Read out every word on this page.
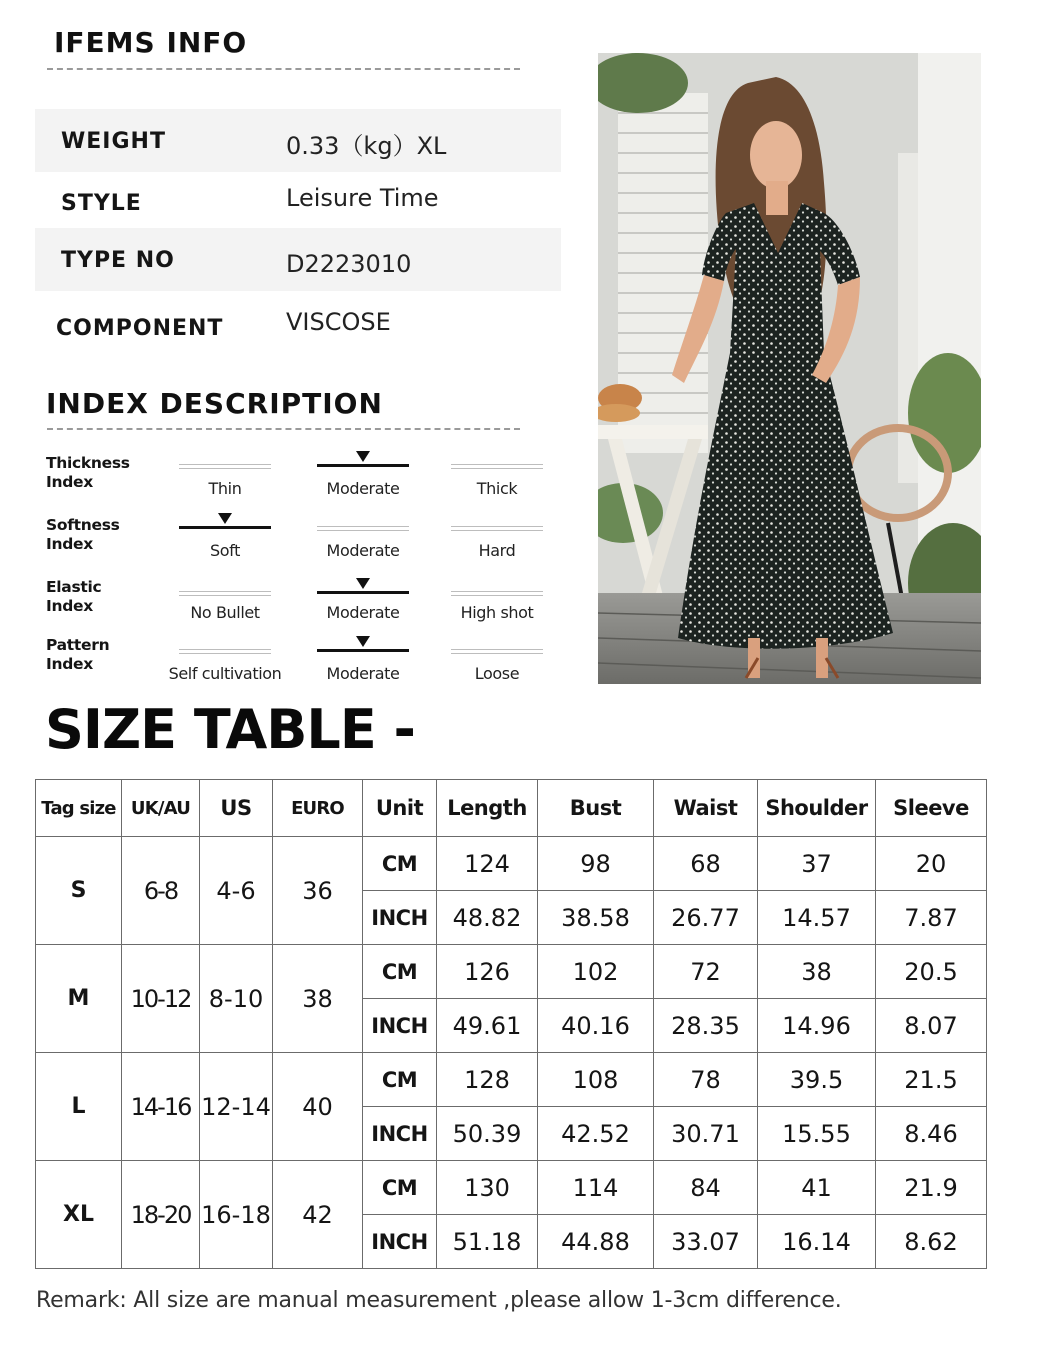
IFEMS INFO
WEIGHT	0.33（kg）XL
STYLE	Leisure Time
TYPE NO	D2223010
COMPONENT	VISCOSE
INDEX DESCRIPTION
Thickness
Index	Thin	Moderate	Thick
Softness
Index	Soft	Moderate	Hard
Elastic
Index	No Bullet	Moderate	High shot
Pattern
Index	Self cultivation	Moderate	Loose
SIZE TABLE -
Tag size	UK/AU	US	EURO	Unit	Length	Bust	Waist	Shoulder	Sleeve
S	6-8	4-6	36	CM	124	98	68	37	20
				INCH	48.82	38.58	26.77	14.57	7.87
M	10-12	8-10	38	CM	126	102	72	38	20.5
				INCH	49.61	40.16	28.35	14.96	8.07
L	14-16	12-14	40	CM	128	108	78	39.5	21.5
				INCH	50.39	42.52	30.71	15.55	8.46
XL	18-20	16-18	42	CM	130	114	84	41	21.9
				INCH	51.18	44.88	33.07	16.14	8.62
Remark: All size are manual measurement ,please allow 1-3cm difference.
